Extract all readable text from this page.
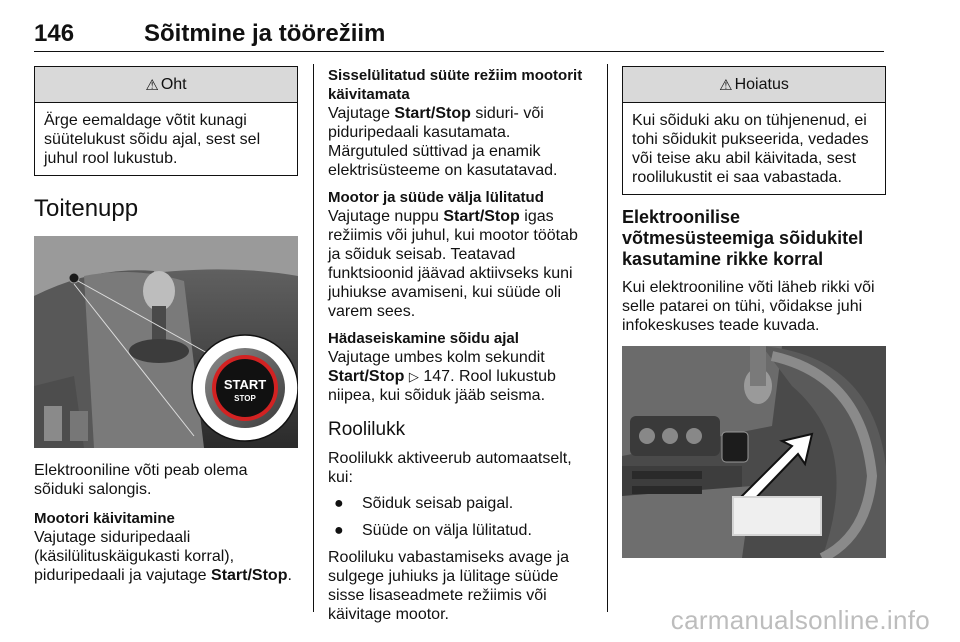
146	Sõitmine ja töörežiim
⚠ Oht
Ärge eemaldage võtit kunagi süütelukust sõidu ajal, sest sel juhul rool lukustub.
Toitenupp
START
STOP

Elektrooniline võti peab olema sõiduki salongis.

Mootori käivitamine

Vajutage siduripedaali (käsilülituskäigukasti korral), piduripedaali ja vajutage Start/Stop.

Sisselülitatud süüte režiim mootorit käivitamata

Vajutage Start/Stop siduri- või piduripedaali kasutamata. Märgutuled süttivad ja enamik elektrisüsteeme on kasutatavad.

Mootor ja süüde välja lülitatud

Vajutage nuppu Start/Stop igas režiimis või juhul, kui mootor töötab ja sõiduk seisab. Teatavad funktsioonid jäävad aktiivseks kuni juhiukse avamiseni, kui süüde oli varem sees.

Hädaseiskamine sõidu ajal

Vajutage umbes kolm sekundit Start/Stop ▷ 147. Rool lukustub niipea, kui sõiduk jääb seisma.

Roolilukk

Roolilukk aktiveerub automaatselt, kui:

●	Sõiduk seisab paigal.
●	Süüde on välja lülitatud.

Rooliluku vabastamiseks avage ja sulgege juhiuks ja lülitage süüde sisse lisaseadmete režiimis või käivitage mootor.

⚠ Hoiatus
Kui sõiduki aku on tühjenenud, ei tohi sõidukit pukseerida, vedades või teise aku abil käivitada, sest roolilukustit ei saa vabastada.
Elektroonilise võtmesüsteemiga sõidukitel kasutamine rikke korral

Kui elektrooniline võti läheb rikki või selle patarei on tühi, võidakse juhi infokeskuses teade kuvada.

carmanualsonline.info
